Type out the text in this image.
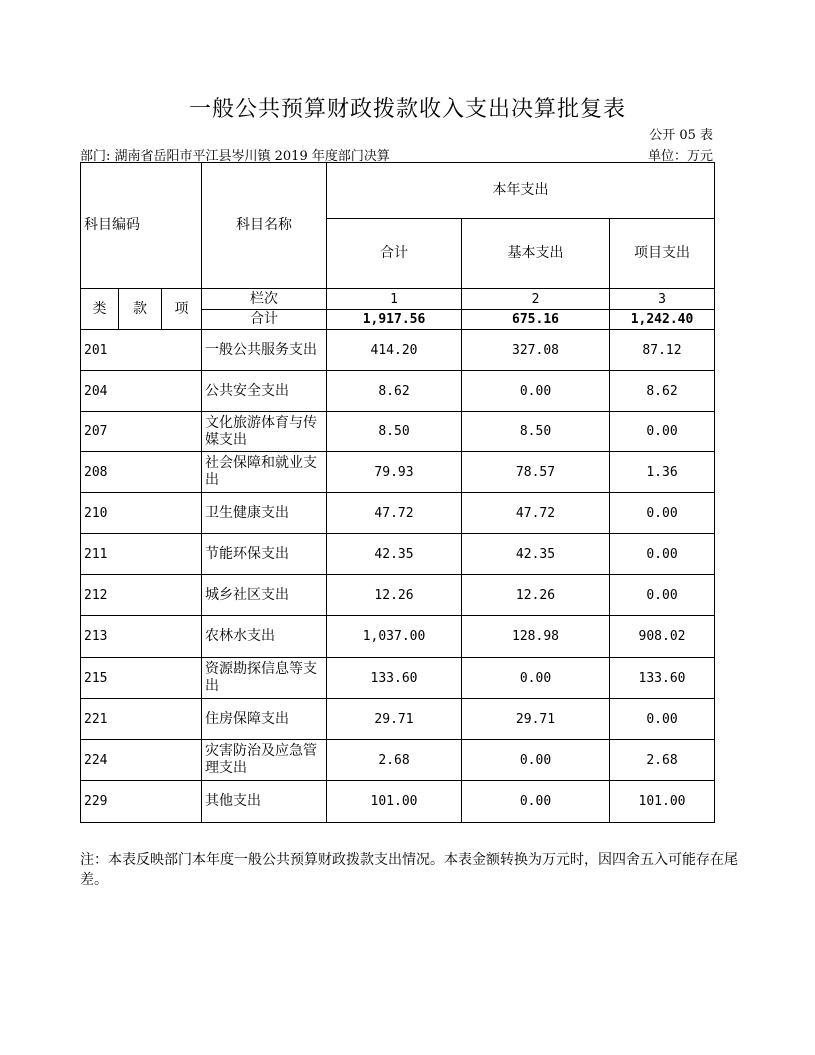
一般公共预算财政拨款收入支出决算批复表
公开 05 表
部门: 湖南省岳阳市平江县岑川镇 2019 年度部门决算	单位：万元
科目编码			科目名称	本年支出		
				合计	基本支出	项目支出
类	款	项	栏次	1	2	3
			合计	1,917.56	675.16	1,242.40
201			一般公共服务支出	414.20	327.08	87.12
204			公共安全支出	8.62	0.00	8.62
207			文化旅游体育与传媒支出	8.50	8.50	0.00
208			社会保障和就业支出	79.93	78.57	1.36
210			卫生健康支出	47.72	47.72	0.00
211			节能环保支出	42.35	42.35	0.00
212			城乡社区支出	12.26	12.26	0.00
213			农林水支出	1,037.00	128.98	908.02
215			资源勘探信息等支出	133.60	0.00	133.60
221			住房保障支出	29.71	29.71	0.00
224			灾害防治及应急管理支出	2.68	0.00	2.68
229			其他支出	101.00	0.00	101.00
注：本表反映部门本年度一般公共预算财政拨款支出情况。本表金额转换为万元时，因四舍五入可能存在尾差。
